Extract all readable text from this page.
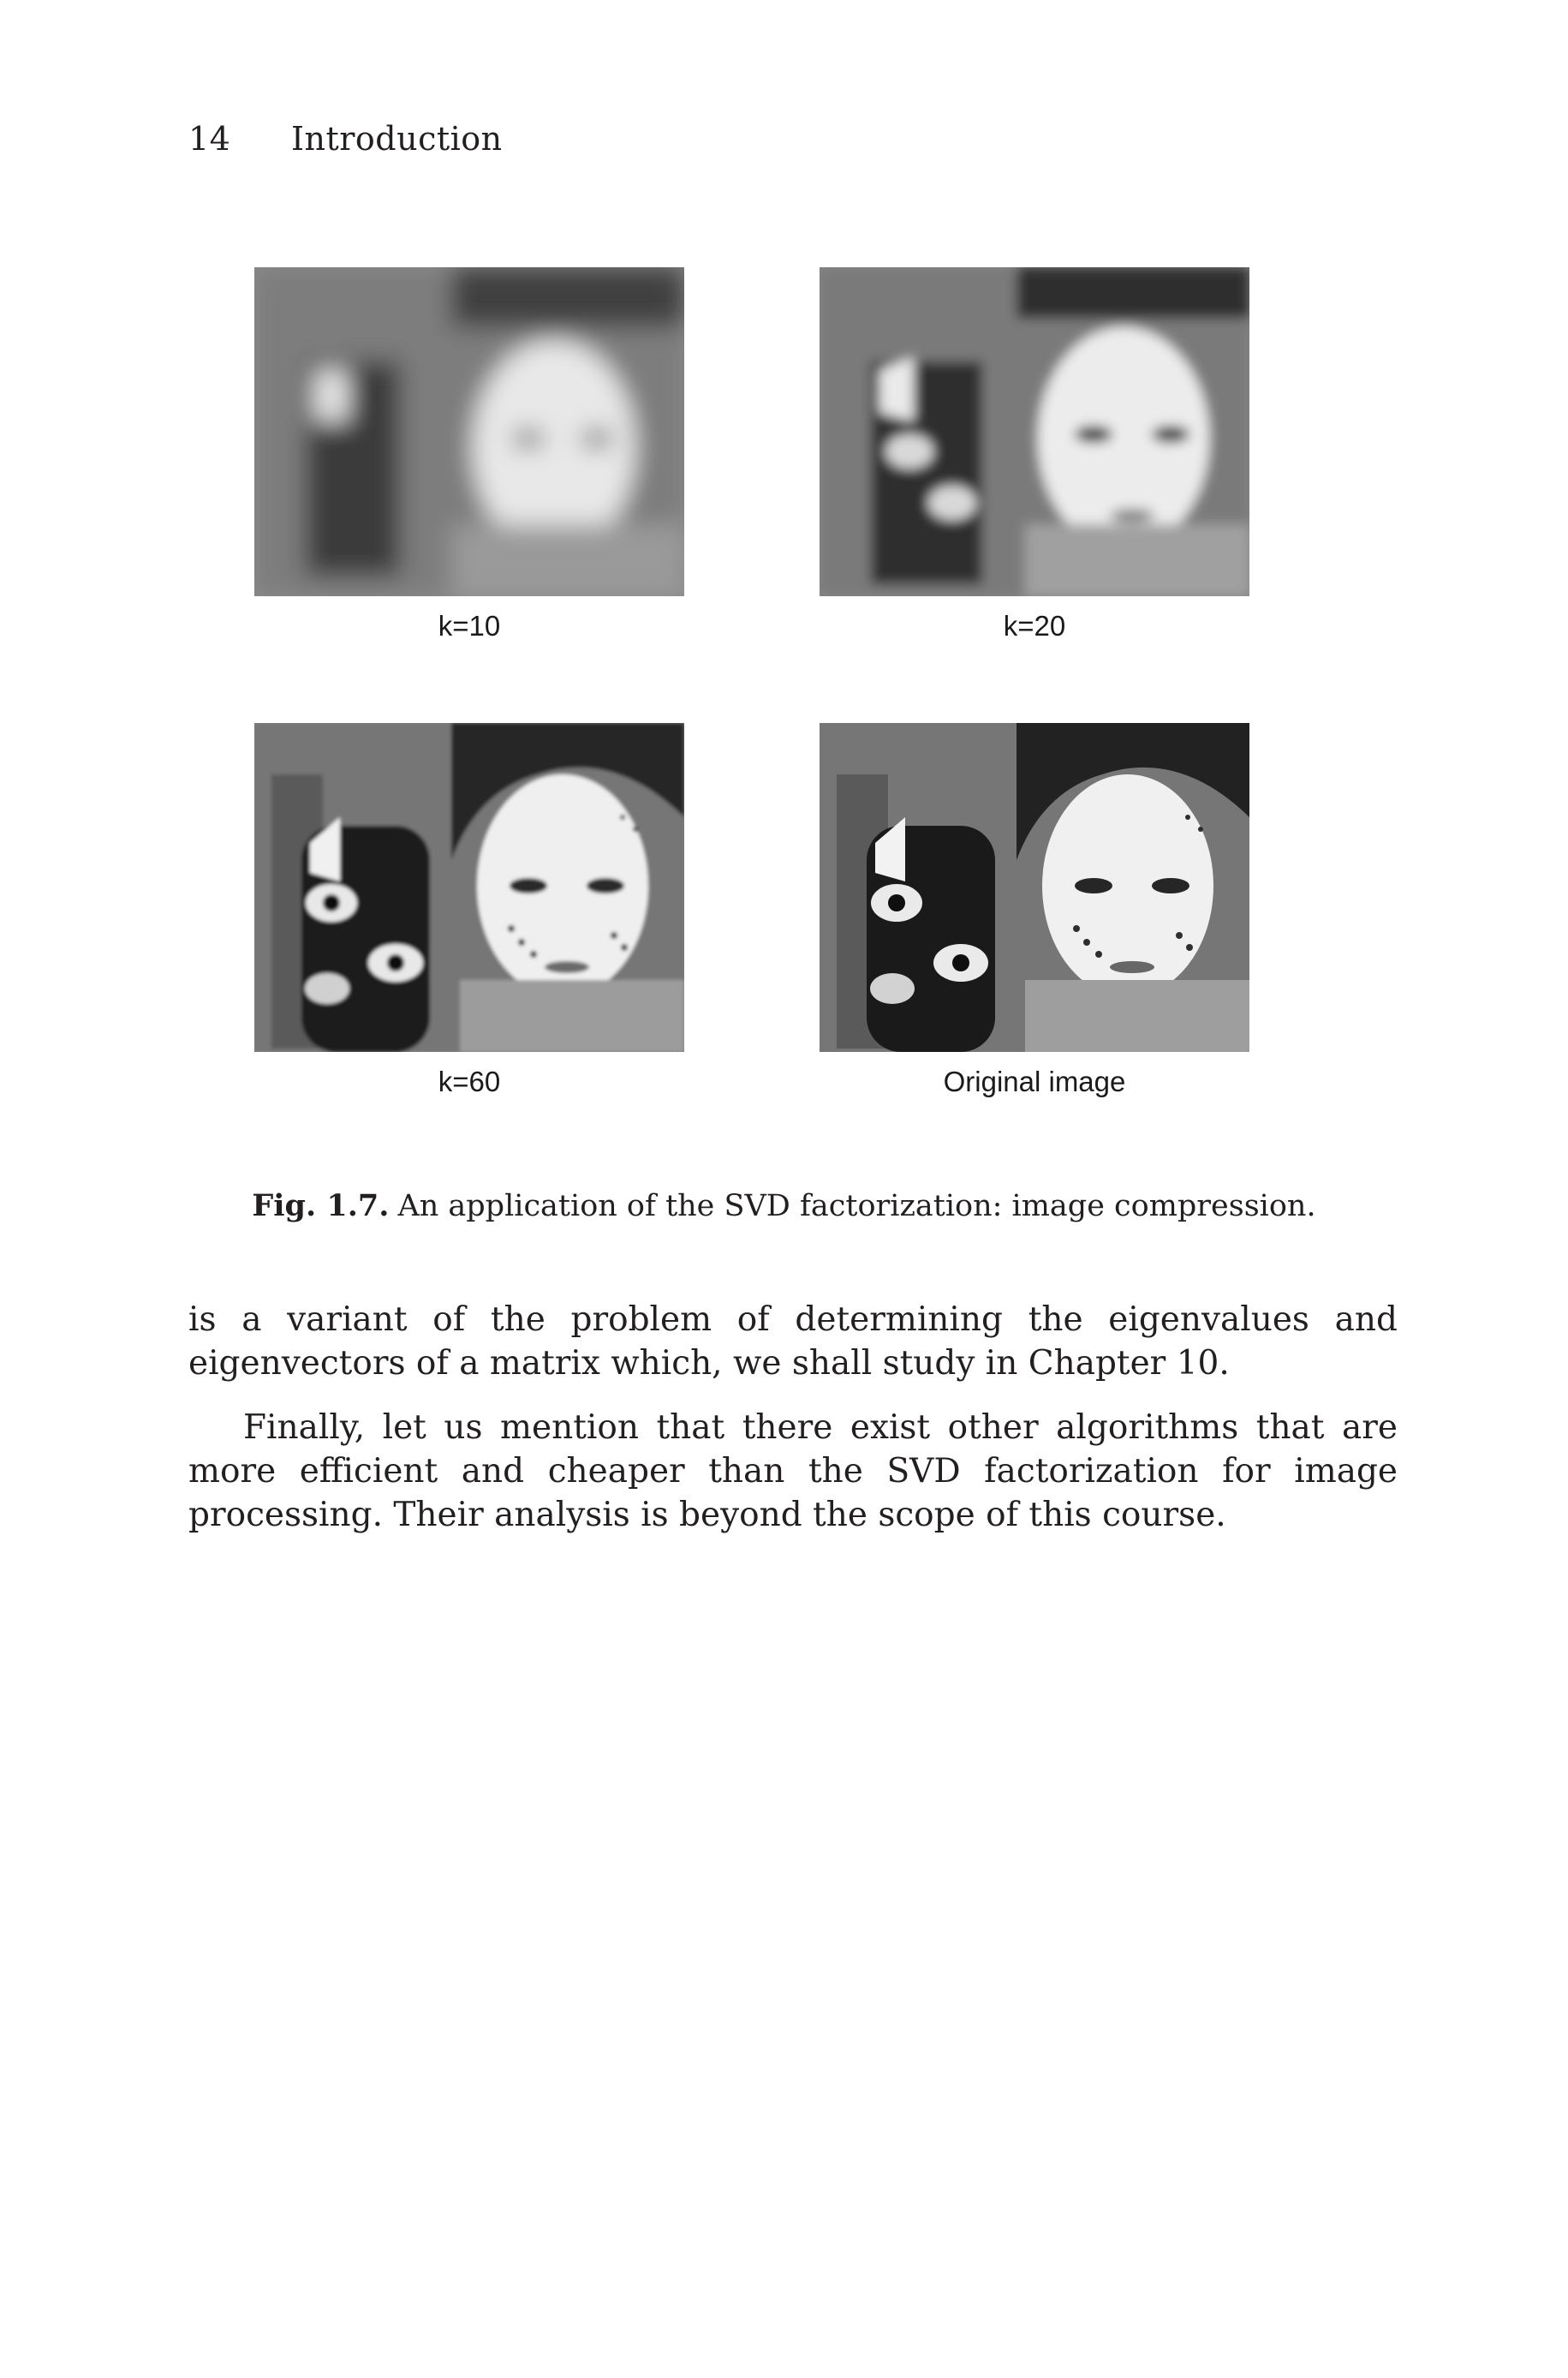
14 Introduction
k=10	k=20
k=60	Original image
Fig. 1.7. An application of the SVD factorization: image compression.

is a variant of the problem of determining the eigenvalues and eigenvectors of a matrix which, we shall study in Chapter 10.

Finally, let us mention that there exist other algorithms that are more efficient and cheaper than the SVD factorization for image processing. Their analysis is beyond the scope of this course.
